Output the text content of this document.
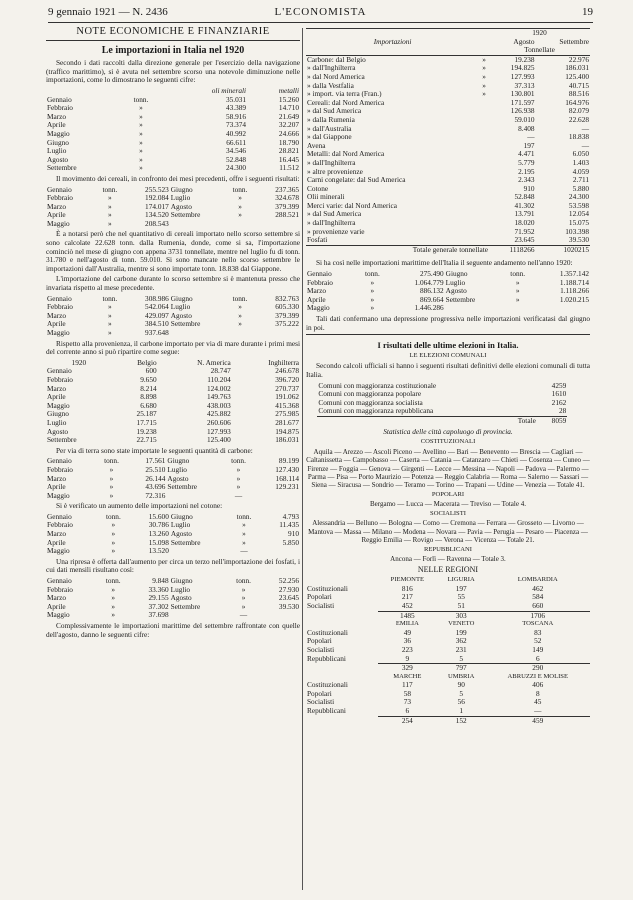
9 gennaio 1921 — N. 2436	L'ECONOMISTA	19
NOTE ECONOMICHE E FINANZIARIE
Le importazioni in Italia nel 1920

Secondo i dati raccolti dalla direzione generale per l'esercizio della navigazione (traffico marittimo), si è avuta nel settembre scorso una notevole diminuzione nelle importazioni, come lo dimostrano le seguenti cifre:

		oli minerali	metalli
Gennaio	tonn.	35.031	15.260
Febbraio	»	43.389	14.710
Marzo	»	58.916	21.649
Aprile	»	73.374	32.207
Maggio	»	40.992	24.666
Giugno	»	66.611	18.790
Luglio	»	34.546	28.821
Agosto	»	52.848	16.445
Settembre	»	24.300	11.512

Il movimento dei cereali, in confronto dei mesi precedenti, offre i seguenti risultati:

Gennaio	tonn.	255.523	Giugno	tonn.	237.365
Febbraio	»	192.084	Luglio	»	324.678
Marzo	»	174.017	Agosto	»	379.399
Aprile	»	134.520	Settembre	»	288.521
Maggio	»	208.543			

È a notarsi però che nel quantitativo di cereali importato nello scorso settembre si sono calcolate 22.628 tonn. dalla Rumenia, donde, come si sa, l'importazione cominciò nel mese di giugno con appena 3731 tonnellate, mentre nel luglio fu di tonn. 31.780 e nell'agosto di tonn. 59.010. Si sono mancate nello scorso settembre le importazioni dall'Australia, mentre si sono importate tonn. 18.838 dal Giappone.

L'importazione del carbone durante lo scorso settembre si è mantenuta presso che invariata rispetto al mese precedente.

Gennaio	tonn.	308.986	Giugno	tonn.	832.763
Febbraio	»	542.064	Luglio	»	605.330
Marzo	»	429.097	Agosto	»	379.399
Aprile	»	384.510	Settembre	»	375.222
Maggio	»	937.648			

Rispetto alla provenienza, il carbone importato per via di mare durante i primi mesi del corrente anno si può ripartire come segue:

1920	Belgio	N. America	Inghilterra
Gennaio	600	28.747	246.678
Febbraio	9.650	110.204	396.720
Marzo	8.214	124.002	270.737
Aprile	8.898	149.763	191.062
Maggio	6.680	438.003	415.368
Giugno	25.187	425.882	275.985
Luglio	17.715	260.606	281.677
Agosto	19.238	127.993	194.875
Settembre	22.715	125.400	186.031

Per via di terra sono state importate le seguenti quantità di carbone:

Gennaio	tonn.	17.561	Giugno	tonn.	89.199
Febbraio	»	25.510	Luglio	»	127.430
Marzo	»	26.144	Agosto	»	168.114
Aprile	»	43.696	Settembre	»	129.231
Maggio	»	72.316		—	

Si è verificato un aumento delle importazioni nel cotone:

Gennaio	tonn.	15.600	Giugno	tonn.	4.793
Febbraio	»	30.786	Luglio	»	11.435
Marzo	»	13.260	Agosto	»	910
Aprile	»	15.098	Settembre	»	5.850
Maggio	»	13.520		—	

Una ripresa è offerta dall'aumento per circa un terzo nell'importazione dei fosfati, i cui dati mensili risultano così:

Gennaio	tonn.	9.848	Giugno	tonn.	52.256
Febbraio	»	33.360	Luglio	»	27.930
Marzo	»	29.155	Agosto	»	23.645
Aprile	»	37.302	Settembre	»	39.530
Maggio	»	37.698		—	

Complessivamente le importazioni marittime del settembre raffrontate con quelle dell'agosto, danno le seguenti cifre:

		1920	
Importazioni		Agosto	Settembre
		Tonnellate	
Carbone: dal Belgio	»	19.238	22.976
» dall'Inghilterra	»	194.825	186.031
» dal Nord America	»	127.993	125.400
» dalla Vestfalia	»	37.313	40.715
» import. via terra (Fran.)	»	130.801	88.516
Cereali: dal Nord America		171.597	164.976
» dal Sud America		126.938	82.079
» dalla Rumenia		59.010	22.628
» dall'Australia		8.408	—
» dal Giappone		—	18.838
Avena		197	—
Metalli: dal Nord America		4.471	6.050
» dall'Inghilterra		5.779	1.403
» altre provenienze		2.195	4.059
Carni congelate: dal Sud America		2.343	2.711
Cotone		910	5.880
Olii minerali		52.848	24.300
Merci varie: dal Nord America		41.302	53.598
» dal Sud America		13.791	12.054
» dall'Inghilterra		18.020	15.075
» provenienze varie		71.952	103.398
Fosfati		23.645	39.530
Totale generale tonnellate		1118266	1020215

Si ha così nelle importazioni marittime dell'Italia il seguente andamento nell'anno 1920:

Gennaio	tonn.	275.490	Giugno	tonn.	1.357.142
Febbraio	»	1.064.779	Luglio	»	1.188.714
Marzo	»	886.132	Agosto	»	1.118.266
Aprile	»	869.664	Settembre	»	1.020.215
Maggio	»	1.446.286			

Tali dati confermano una depressione progressiva nelle importazioni verificatasi dal giugno in poi.

I risultati delle ultime elezioni in Italia.
LE ELEZIONI COMUNALI

Secondo calcoli ufficiali si hanno i seguenti risultati definitivi delle elezioni comunali di tutta Italia.

Comuni con maggioranza costituzionale	4259
Comuni con maggioranza popolare	1610
Comuni con maggioranza socialista	2162
Comuni con maggioranza repubblicana	28
Totale	8059
Statistica delle città capoluogo di provincia.
COSTITUZIONALI
Aquila — Arezzo — Ascoli Piceno — Avellino — Bari — Benevento — Brescia — Cagliari — Caltanissetta — Campobasso — Caserta — Catania — Catanzaro — Chieti — Cosenza — Cuneo — Firenze — Foggia — Genova — Girgenti — Lecce — Messina — Napoli — Padova — Palermo — Parma — Pisa — Porto Maurizio — Potenza — Reggio Calabria — Roma — Salerno — Sassari — Siena — Siracusa — Sondrio — Teramo — Torino — Trapani — Udine — Venezia — Totale 41.
POPOLARI
Bergamo — Lucca — Macerata — Treviso — Totale 4.
SOCIALISTI
Alessandria — Belluno — Bologna — Como — Cremona — Ferrara — Grosseto — Livorno — Mantova — Massa — Milano — Modena — Novara — Pavia — Perugia — Pesaro — Piacenza — Reggio Emilia — Rovigo — Verona — Vicenza — Totale 21.
REPUBBLICANI
Ancona — Forlì — Ravenna — Totale 3.
NELLE REGIONI
	PIEMONTE	LIGURIA	LOMBARDIA
Costituzionali	816	197	462
Popolari	217	55	584
Socialisti	452	51	660

	1485	303	1706
	EMILIA	VENETO	TOSCANA
Costituzionali	49	199	83
Popolari	36	362	52
Socialisti	223	231	149
Repubblicani	9	5	6
	329	797	290
	MARCHE	UMBRIA	ABRUZZI E MOLISE
Costituzionali	117	90	406
Popolari	58	5	8
Socialisti	73	56	45
Repubblicani	6	1	—
	254	152	459
